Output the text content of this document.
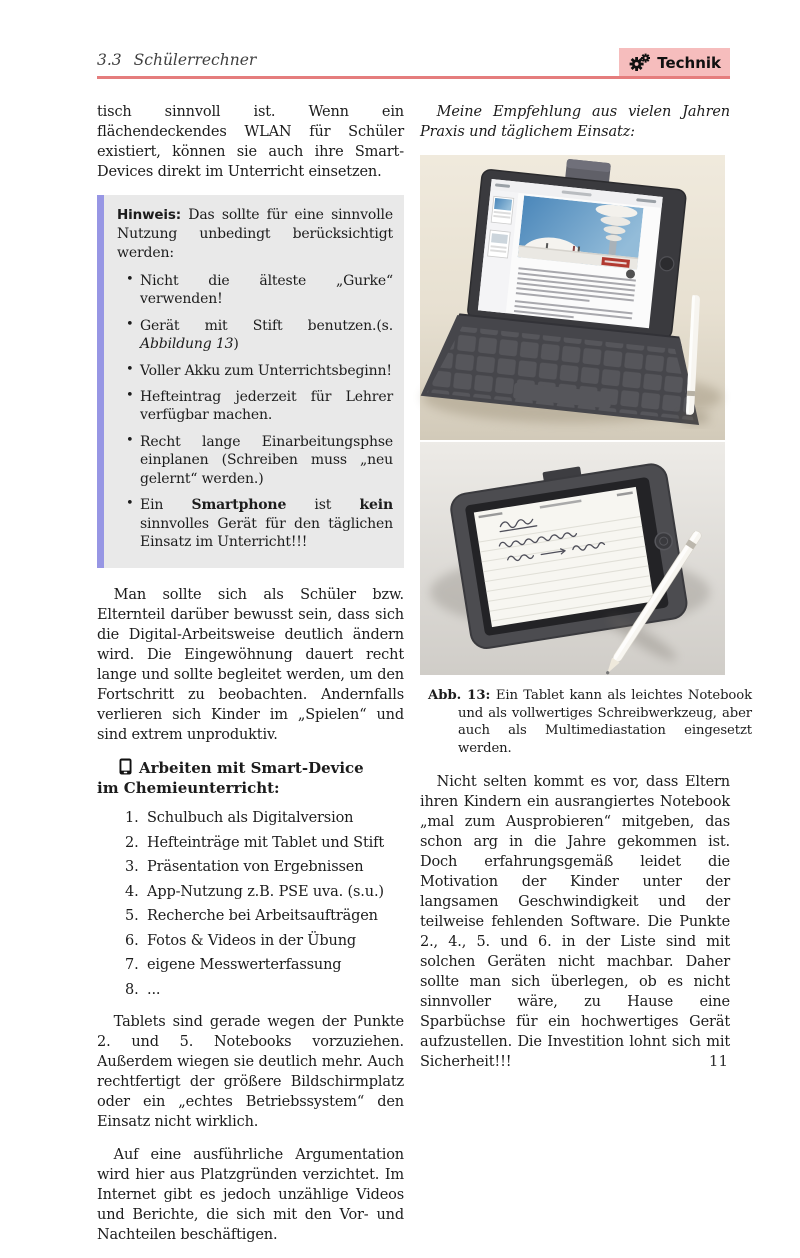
3.3 Schülerrechner	Technik

tisch sinnvoll ist. Wenn ein flächendeckendes WLAN für Schüler existiert, können sie auch ihre Smart-Devices direkt im Unterricht einsetzen.

Hinweis: Das sollte für eine sinnvolle Nutzung unbedingt berücksichtigt werden:

• Nicht die älteste „Gurke“ verwenden!
• Gerät mit Stift benutzen.(s. Abbildung 13)
• Voller Akku zum Unterrichtsbeginn!
• Hefteintrag jederzeit für Lehrer verfügbar machen.
• Recht lange Einarbeitungsphse einplanen (Schreiben muss „neu gelernt“ werden.)
• Ein Smartphone ist kein sinnvolles Gerät für den täglichen Einsatz im Unterricht!!!

Man sollte sich als Schüler bzw. Elternteil darüber bewusst sein, dass sich die Digital-Arbeitsweise deutlich ändern wird. Die Eingewöhnung dauert recht lange und sollte begleitet werden, um den Fortschritt zu beobachten. Andernfalls verlieren sich Kinder im „Spielen“ und sind extrem unproduktiv.

Arbeiten mit Smart-Device
im Chemieunterricht:
1. Schulbuch als Digitalversion
2. Hefteinträge mit Tablet und Stift
3. Präsentation von Ergebnissen
4. App-Nutzung z.B. PSE uva. (s.u.)
5. Recherche bei Arbeitsaufträgen
6. Fotos & Videos in der Übung
7. eigene Messwerterfassung
8. ...

Tablets sind gerade wegen der Punkte 2. und 5. Notebooks vorzuziehen. Außerdem wiegen sie deutlich mehr. Auch rechtfertigt der größere Bildschirmplatz oder ein „echtes Betriebssystem“ den Einsatz nicht wirklich.

Auf eine ausführliche Argumentation wird hier aus Platzgründen verzichtet. Im Internet gibt es jedoch unzählige Videos und Berichte, die sich mit den Vor- und Nachteilen beschäftigen.

Meine Empfehlung aus vielen Jahren Praxis und täglichem Einsatz:

Abb. 13: Ein Tablet kann als leichtes Notebook und als vollwertiges Schreibwerkzeug, aber auch als Multimediastation eingesetzt werden.

Nicht selten kommt es vor, dass Eltern ihren Kindern ein ausrangiertes Notebook „mal zum Ausprobieren“ mitgeben, das schon arg in die Jahre gekommen ist. Doch erfahrungsgemäß leidet die Motivation der Kinder unter der langsamen Geschwindigkeit und der teilweise fehlenden Software. Die Punkte 2., 4., 5. und 6. in der Liste sind mit solchen Geräten nicht machbar. Daher sollte man sich überlegen, ob es nicht sinnvoller wäre, zu Hause eine Sparbüchse für ein hochwertiges Gerät aufzustellen. Die Investition lohnt sich mit Sicherheit!!!	11
